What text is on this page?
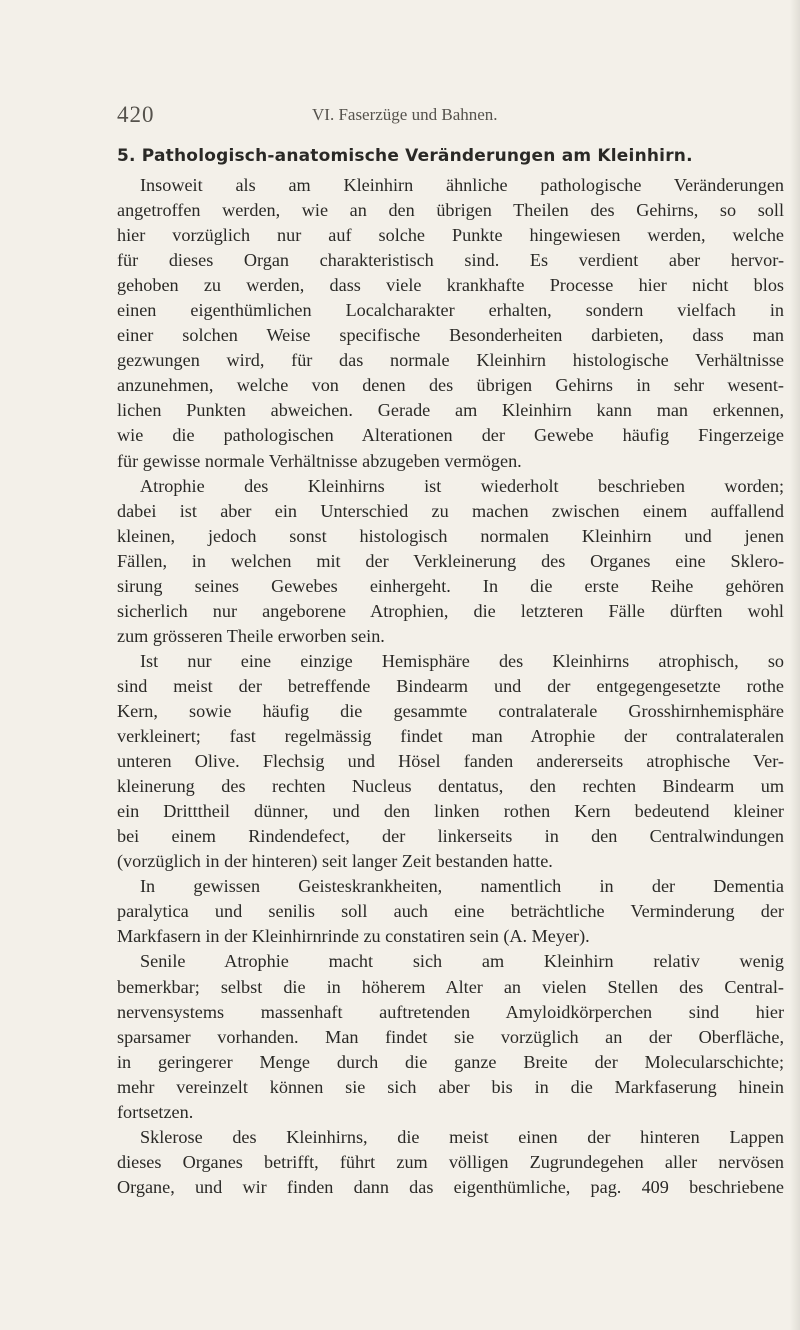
420	VI. Faserzüge und Bahnen.
5. Pathologisch-anatomische Veränderungen am Kleinhirn.
Insoweit als am Kleinhirn ähnliche pathologische Veränderungen
angetroffen werden, wie an den übrigen Theilen des Gehirns, so soll
hier vorzüglich nur auf solche Punkte hingewiesen werden, welche
für dieses Organ charakteristisch sind. Es verdient aber hervor-
gehoben zu werden, dass viele krankhafte Processe hier nicht blos
einen eigenthümlichen Localcharakter erhalten, sondern vielfach in
einer solchen Weise specifische Besonderheiten darbieten, dass man
gezwungen wird, für das normale Kleinhirn histologische Verhältnisse
anzunehmen, welche von denen des übrigen Gehirns in sehr wesent-
lichen Punkten abweichen. Gerade am Kleinhirn kann man erkennen,
wie die pathologischen Alterationen der Gewebe häufig Fingerzeige
für gewisse normale Verhältnisse abzugeben vermögen.
Atrophie des Kleinhirns ist wiederholt beschrieben worden;
dabei ist aber ein Unterschied zu machen zwischen einem auffallend
kleinen, jedoch sonst histologisch normalen Kleinhirn und jenen
Fällen, in welchen mit der Verkleinerung des Organes eine Sklero-
sirung seines Gewebes einhergeht. In die erste Reihe gehören
sicherlich nur angeborene Atrophien, die letzteren Fälle dürften wohl
zum grösseren Theile erworben sein.
Ist nur eine einzige Hemisphäre des Kleinhirns atrophisch, so
sind meist der betreffende Bindearm und der entgegengesetzte rothe
Kern, sowie häufig die gesammte contralaterale Grosshirnhemisphäre
verkleinert; fast regelmässig findet man Atrophie der contralateralen
unteren Olive. Flechsig und Hösel fanden andererseits atrophische Ver-
kleinerung des rechten Nucleus dentatus, den rechten Bindearm um
ein Dritttheil dünner, und den linken rothen Kern bedeutend kleiner
bei einem Rindendefect, der linkerseits in den Centralwindungen
(vorzüglich in der hinteren) seit langer Zeit bestanden hatte.
In gewissen Geisteskrankheiten, namentlich in der Dementia
paralytica und senilis soll auch eine beträchtliche Verminderung der
Markfasern in der Kleinhirnrinde zu constatiren sein (A. Meyer).
Senile Atrophie macht sich am Kleinhirn relativ wenig
bemerkbar; selbst die in höherem Alter an vielen Stellen des Central-
nervensystems massenhaft auftretenden Amyloidkörperchen sind hier
sparsamer vorhanden. Man findet sie vorzüglich an der Oberfläche,
in geringerer Menge durch die ganze Breite der Molecularschichte;
mehr vereinzelt können sie sich aber bis in die Markfaserung hinein
fortsetzen.
Sklerose des Kleinhirns, die meist einen der hinteren Lappen
dieses Organes betrifft, führt zum völligen Zugrundegehen aller nervösen
Organe, und wir finden dann das eigenthümliche, pag. 409 beschriebene
